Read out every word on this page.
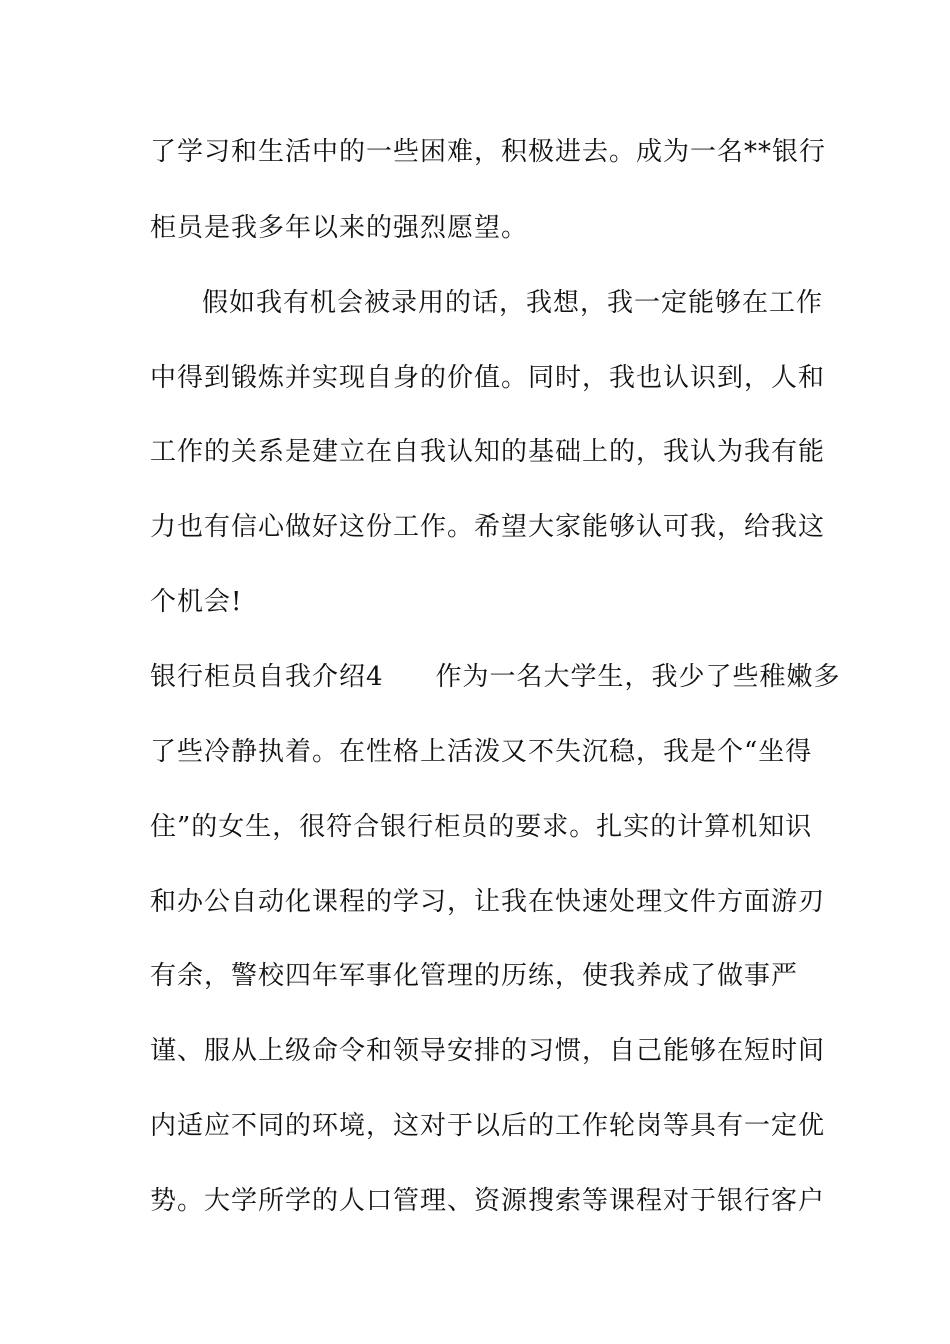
了学习和生活中的一些困难，积极进去。成为一名**银行
柜员是我多年以来的强烈愿望。
假如我有机会被录用的话，我想，我一定能够在工作
中得到锻炼并实现自身的价值。同时，我也认识到，人和
工作的关系是建立在自我认知的基础上的，我认为我有能
力也有信心做好这份工作。希望大家能够认可我，给我这
个机会!
银行柜员自我介绍4 作为一名大学生，我少了些稚嫩多
了些冷静执着。在性格上活泼又不失沉稳，我是个“坐得
住”的女生，很符合银行柜员的要求。扎实的计算机知识
和办公自动化课程的学习，让我在快速处理文件方面游刃
有余，警校四年军事化管理的历练，使我养成了做事严
谨、服从上级命令和领导安排的习惯，自己能够在短时间
内适应不同的环境，这对于以后的工作轮岗等具有一定优
势。大学所学的人口管理、资源搜索等课程对于银行客户
